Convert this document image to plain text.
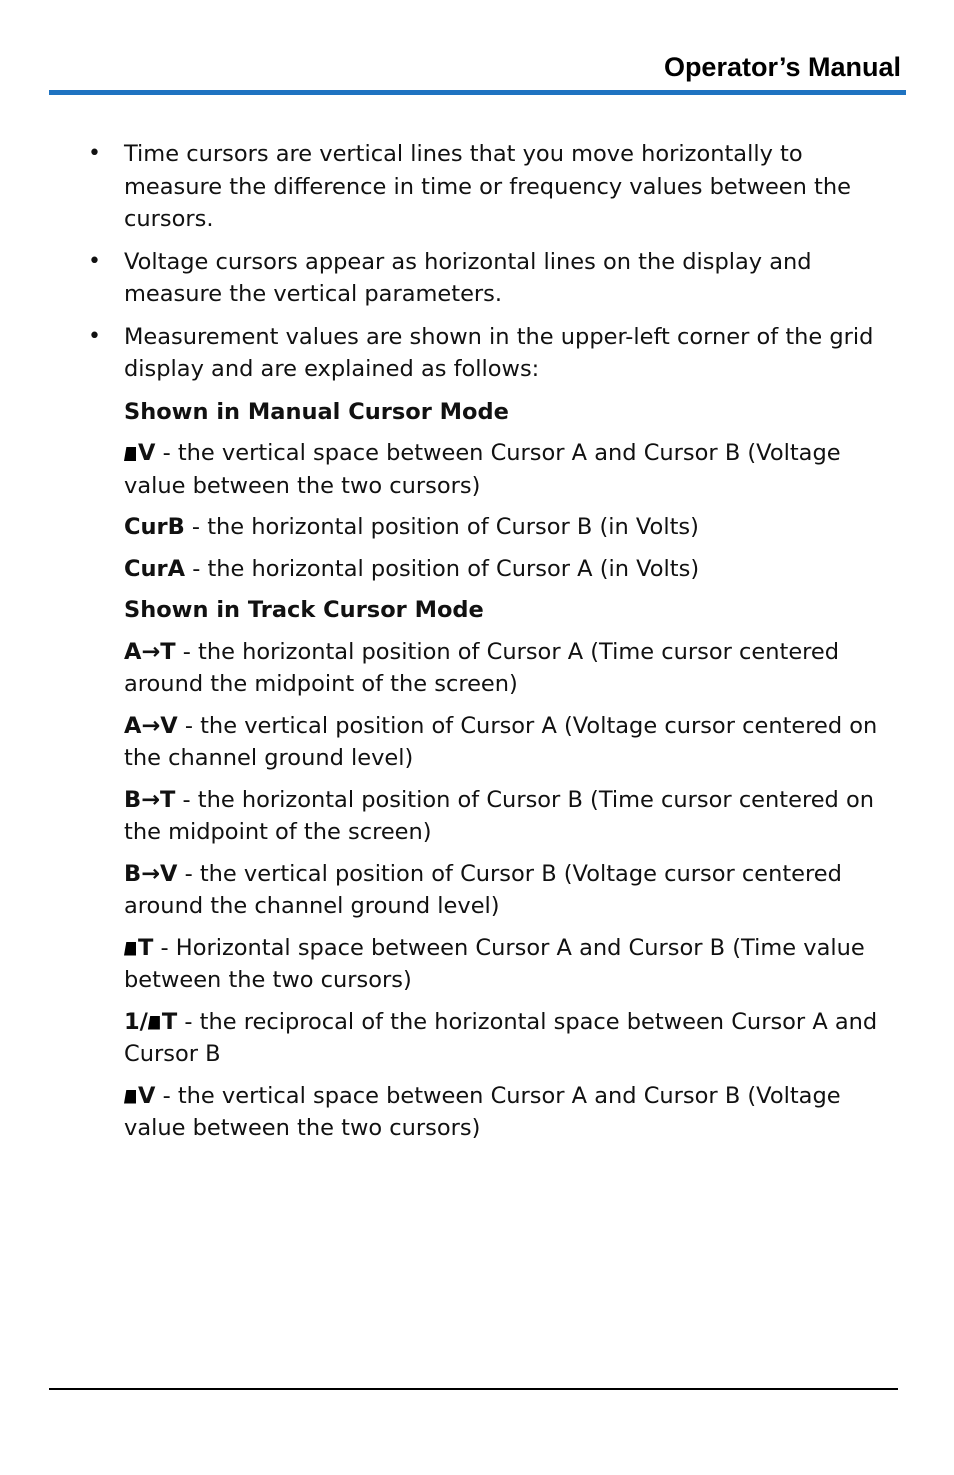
Operator’s Manual
• Time cursors are vertical lines that you move horizontally to measure the difference in time or frequency values between the cursors.
• Voltage cursors appear as horizontal lines on the display and measure the vertical parameters.
• Measurement values are shown in the upper-left corner of the grid display and are explained as follows:
Shown in Manual Cursor Mode
V - the vertical space between Cursor A and Cursor B (Voltage value between the two cursors)
CurB - the horizontal position of Cursor B (in Volts)
CurA - the horizontal position of Cursor A (in Volts)
Shown in Track Cursor Mode
A→T - the horizontal position of Cursor A (Time cursor centered around the midpoint of the screen)
A→V - the vertical position of Cursor A (Voltage cursor centered on the channel ground level)
B→T - the horizontal position of Cursor B (Time cursor centered on the midpoint of the screen)
B→V - the vertical position of Cursor B (Voltage cursor centered around the channel ground level)
T - Horizontal space between Cursor A and Cursor B (Time value between the two cursors)
1/ T - the reciprocal of the horizontal space between Cursor A and Cursor B
V - the vertical space between Cursor A and Cursor B (Voltage value between the two cursors)
